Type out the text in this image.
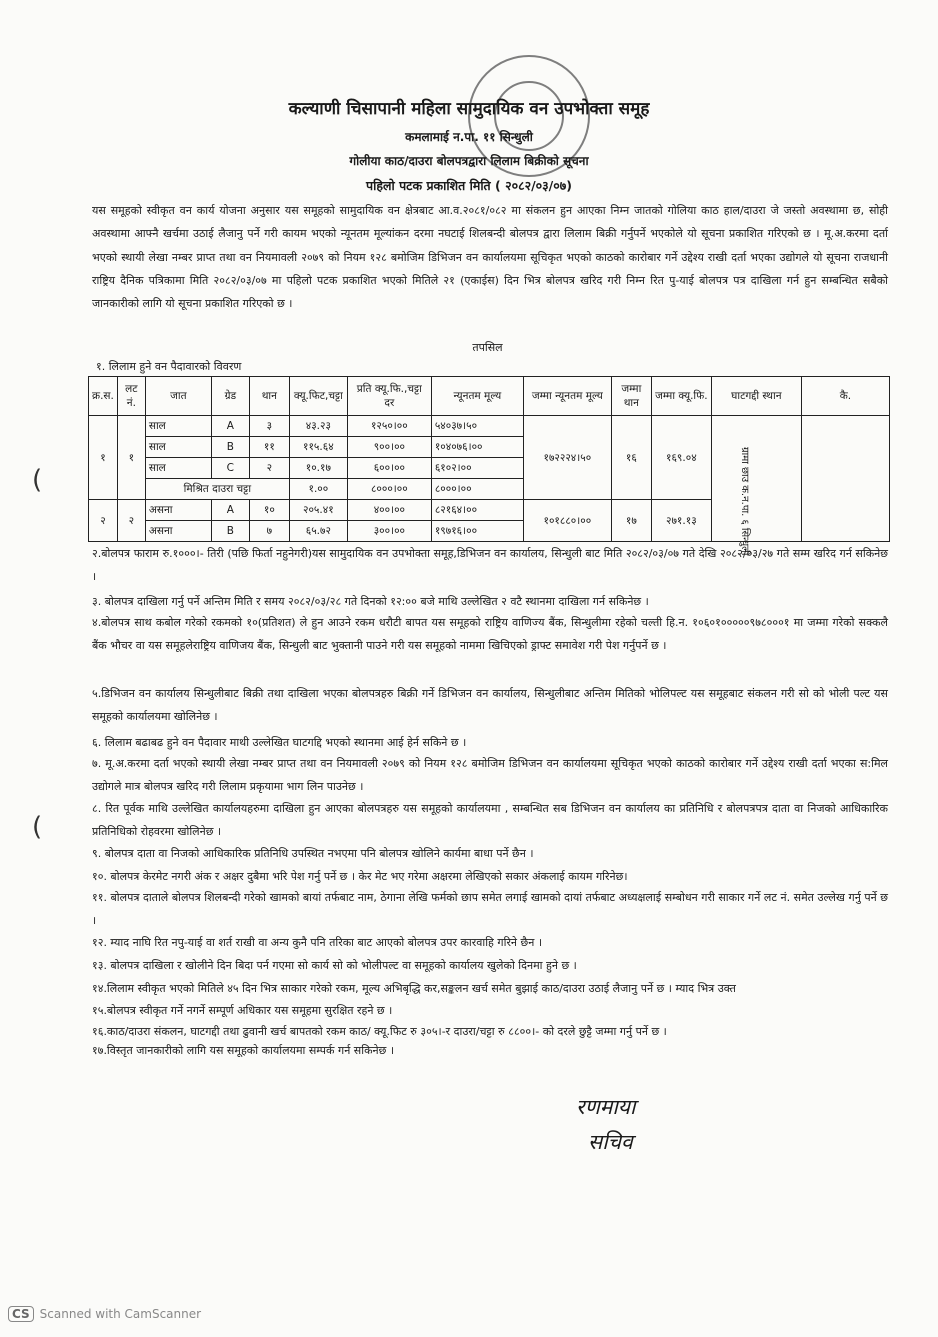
कल्याणी चिसापानी महिला सामुदायिक वन उपभोक्ता समूह
कमलामाई न.पा. ११ सिन्धुली
गोलीया काठ/दाउरा बोलपत्रद्वारा लिलाम बिक्रीको सूचना
पहिलो पटक प्रकाशित मिति ( २०८२/०३/०७)
यस समूहको स्वीकृत वन कार्य योजना अनुसार यस समूहको सामुदायिक वन क्षेत्रबाट आ.व.२०८१/०८२ मा संकलन हुन आएका निम्न जातको गोलिया काठ हाल/दाउरा जे जस्तो अवस्थामा छ, सोही अवस्थामा आफ्नै खर्चमा उठाई लैजानु पर्ने गरी कायम भएको न्यूनतम मूल्यांकन दरमा नघटाई शिलबन्दी बोलपत्र द्वारा लिलाम बिक्री गर्नुपर्ने भएकोले यो सूचना प्रकाशित गरिएको छ । मू.अ.करमा दर्ता भएको स्थायी लेखा नम्बर प्राप्त तथा वन नियमावली २०७९ को नियम १२८ बमोजिम डिभिजन वन कार्यालयमा सूचिकृत भएको काठको कारोबार गर्ने उद्देश्य राखी दर्ता भएका उद्योगले यो सूचना राजधानी राष्ट्रिय दैनिक पत्रिकामा मिति २०८२/०३/०७ मा पहिलो पटक प्रकाशित भएको मितिले २१ (एकाईस) दिन भित्र बोलपत्र खरिद गरी निम्न रित पु-याई बोलपत्र पत्र दाखिला गर्न हुन सम्बन्धित सबैको जानकारीको लागि यो सूचना प्रकाशित गरिएको छ ।
तपसिल
१. लिलाम हुने वन पैदावारको विवरण
क्र.स.	लट नं.	जात	ग्रेड	थान	क्यू.फिट,चट्टा	प्रति क्यू.फि.,चट्टा दर	न्यूनतम मूल्य	जम्मा न्यूनतम मूल्य	जम्मा थान	जम्मा क्यू.फि.	घाटगद्दी स्थान	कै.
१	१	साल	A	३	४३.२३	१२५०।००	५४०३७।५०	१७२२२४।५०	१६	१६९.०४	ग्रामा छाउ क.न.पा. ६ सिन्धुली	

		साल	B	११	११५.६४	९००।००	१०४०७६।००					
		साल	C	२	१०.१७	६००।००	६१०२।००					
		मिश्रित दाउरा चट्टा			१.००	८०००।००	८०००।००					
२	२	असना	A	१०	२०५.४१	४००।००	८२१६४।००	१०१८८०।००	१७	२७१.१३		
		असना	B	७	६५.७२	३००।००	१९७१६।००					
२.बोलपत्र फाराम रु.१०००।- तिरी (पछि फिर्ता नहुनेगरी)यस सामुदायिक वन उपभोक्ता समूह,डिभिजन वन कार्यालय, सिन्धुली बाट मिति २०८२/०३/०७ गते देखि २०८२/०३/२७ गते सम्म खरिद गर्न सकिनेछ ।
३. बोलपत्र दाखिला गर्नु पर्ने अन्तिम मिति र समय २०८२/०३/२८ गते दिनको १२:०० बजे माथि उल्लेखित २ वटै स्थानमा दाखिला गर्न सकिनेछ ।
४.बोलपत्र साथ कबोल गरेको रकमको १०(प्रतिशत) ले हुन आउने रकम धरौटी बापत यस समूहको राष्ट्रिय वाणिज्य बैंक, सिन्धुलीमा रहेको चल्ती हि.न. १०६०१०००००९७८०००१ मा जम्मा गरेको सक्कलै बैंक भौचर वा यस समूहलेराष्ट्रिय वाणिजय बैंक, सिन्धुली बाट भुक्तानी पाउने गरी यस समूहको नाममा खिचिएको ड्राफ्ट समावेश गरी पेश गर्नुपर्ने छ ।
५.डिभिजन वन कार्यालय सिन्धुलीबाट बिक्री तथा दाखिला भएका बोलपत्रहरु बिक्री गर्ने डिभिजन वन कार्यालय, सिन्धुलीबाट अन्तिम मितिको भोलिपल्ट यस समूहबाट संकलन गरी सो को भोली पल्ट यस समूहको कार्यालयमा खोलिनेछ ।
६. लिलाम बढाबढ हुने वन पैदावार माथी उल्लेखित घाटगद्दि भएको स्थानमा आई हेर्न सकिने छ ।
७. मू.अ.करमा दर्ता भएको स्थायी लेखा नम्बर प्राप्त तथा वन नियमावली २०७९ को नियम १२८ बमोजिम डिभिजन वन कार्यालयमा सूचिकृत भएको काठको कारोबार गर्ने उद्देश्य राखी दर्ता भएका स:मिल उद्योगले मात्र बोलपत्र खरिद गरी लिलाम प्रकृयामा भाग लिन पाउनेछ ।
८. रित पूर्वक माथि उल्लेखित कार्यालयहरुमा दाखिला हुन आएका बोलपत्रहरु यस समूहको कार्यालयमा , सम्बन्धित सब डिभिजन वन कार्यालय का प्रतिनिधि र बोलपत्रपत्र दाता वा निजको आधिकारिक प्रतिनिधिको रोहवरमा खोलिनेछ ।
९. बोलपत्र दाता वा निजको आधिकारिक प्रतिनिधि उपस्थित नभएमा पनि बोलपत्र खोलिने कार्यमा बाधा पर्ने छैन ।
१०. बोलपत्र केरमेट नगरी अंक र अक्षर दुबैमा भरि पेश गर्नु पर्ने छ । केर मेट भए गरेमा अक्षरमा लेखिएको सकार अंकलाई कायम गरिनेछ।
११. बोलपत्र दाताले बोलपत्र शिलबन्दी गरेको खामको बायां तर्फबाट नाम, ठेगाना लेखि फर्मको छाप समेत लगाई खामको दायां तर्फबाट अध्यक्षलाई सम्बोधन गरी साकार गर्ने लट नं. समेत उल्लेख गर्नु पर्ने छ ।
१२. म्याद नाघि रित नपु-याई वा शर्त राखी वा अन्य कुनै पनि तरिका बाट आएको बोलपत्र उपर कारवाहि गरिने छैन ।
१३. बोलपत्र दाखिला र खोलीने दिन बिदा पर्न गएमा सो कार्य सो को भोलीपल्ट वा समूहको कार्यालय खुलेको दिनमा हुने छ ।
१४.लिलाम स्वीकृत भएको मितिले ४५ दिन भित्र साकार गरेको रकम, मूल्य अभिबृद्धि कर,सङ्कलन खर्च समेत बुझाई काठ/दाउरा उठाई लैजानु पर्ने छ । म्याद भित्र उक्त
१५.बोलपत्र स्वीकृत गर्ने नगर्ने सम्पूर्ण अधिकार यस समूहमा सुरक्षित रहने छ ।
१६.काठ/दाउरा संकलन, घाटगद्दी तथा ढुवानी खर्च बापतको रकम काठ/ क्यू.फिट रु ३०५।-र दाउरा/चट्टा रु ८८००।- को दरले छुट्टै जम्मा गर्नु पर्ने छ ।
१७.विस्तृत जानकारीको लागि यस समूहको कार्यालयमा सम्पर्क गर्न सकिनेछ ।
रणमाया
सचिव
(
(
CS Scanned with CamScanner
